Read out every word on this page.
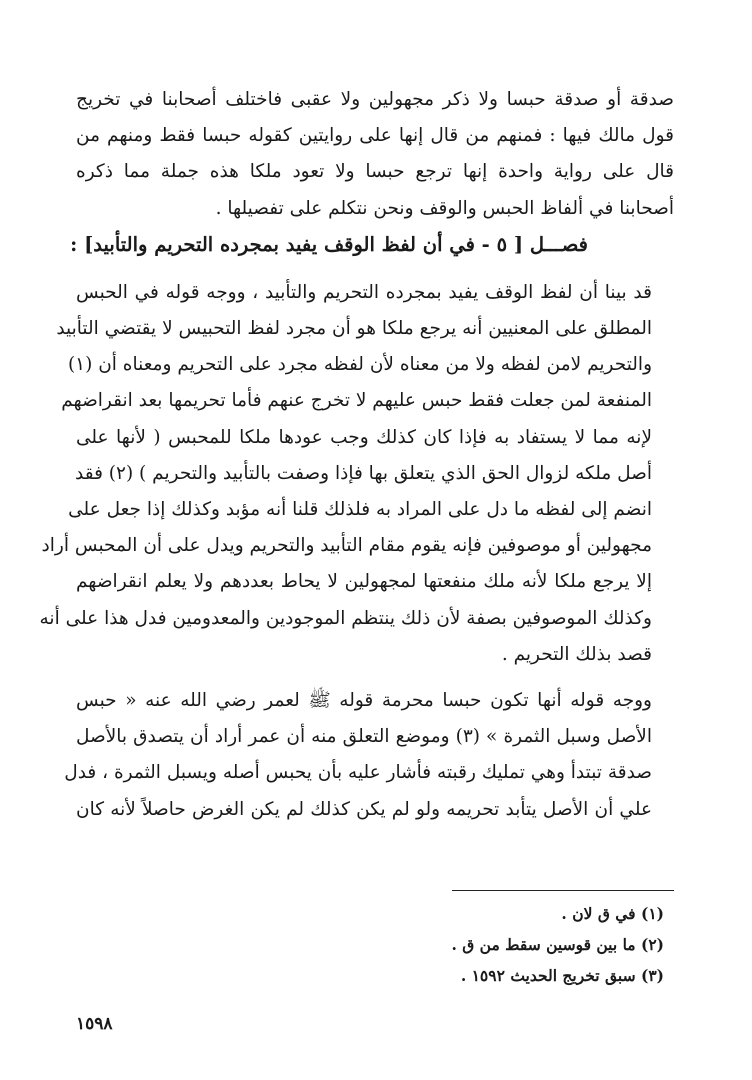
صدقة أو صدقة حبسا ولا ذكر مجهولين ولا عقبى فاختلف أصحابنا في تخريج
قول مالك فيها : فمنهم من قال إنها على روايتين كقوله حبسا فقط ومنهم من
قال على رواية واحدة إنها ترجع حبسا ولا تعود ملكا هذه جملة مما ذكره
أصحابنا في ألفاظ الحبس والوقف ونحن نتكلم على تفصيلها .

فصـــل [ ٥ - في أن لفظ الوقف يفيد بمجرده التحريم والتأبيد] :

قد بينا أن لفظ الوقف يفيد بمجرده التحريم والتأبيد ، ووجه قوله في الحبس
المطلق على المعنيين أنه يرجع ملكا هو أن مجرد لفظ التحبيس لا يقتضي التأبيد
والتحريم لامن لفظه ولا من معناه لأن لفظه مجرد على التحريم ومعناه أن (١)
المنفعة لمن جعلت فقط حبس عليهم لا تخرج عنهم فأما تحريمها بعد انقراضهم
لإنه مما لا يستفاد به فإذا كان كذلك وجب عودها ملكا للمحبس ( لأنها على
أصل ملكه لزوال الحق الذي يتعلق بها فإذا وصفت بالتأبيد والتحريم ) (٢) فقد
انضم إلى لفظه ما دل على المراد به فلذلك قلنا أنه مؤبد وكذلك إذا جعل على
مجهولين أو موصوفين فإنه يقوم مقام التأبيد والتحريم ويدل على أن المحبس أراد
إلا يرجع ملكا لأنه ملك منفعتها لمجهولين لا يحاط بعددهم ولا يعلم انقراضهم
وكذلك الموصوفين بصفة لأن ذلك ينتظم الموجودين والمعدومين فدل هذا على أنه
قصد بذلك التحريم .

ووجه قوله أنها تكون حبسا محرمة قوله ﷺ لعمر رضي الله عنه « حبس
الأصل وسبل الثمرة » (٣) وموضع التعلق منه أن عمر أراد أن يتصدق بالأصل
صدقة تبتدأ وهي تمليك رقبته فأشار عليه بأن يحبس أصله ويسبل الثمرة ، فدل
علي أن الأصل يتأبد تحريمه ولو لم يكن كذلك لم يكن الغرض حاصلاً لأنه كان

(١) في ق لان .
(٢) ما بين قوسين سقط من ق .
(٣) سبق تخريج الحديث ١٥٩٢ .
١٥٩٨
